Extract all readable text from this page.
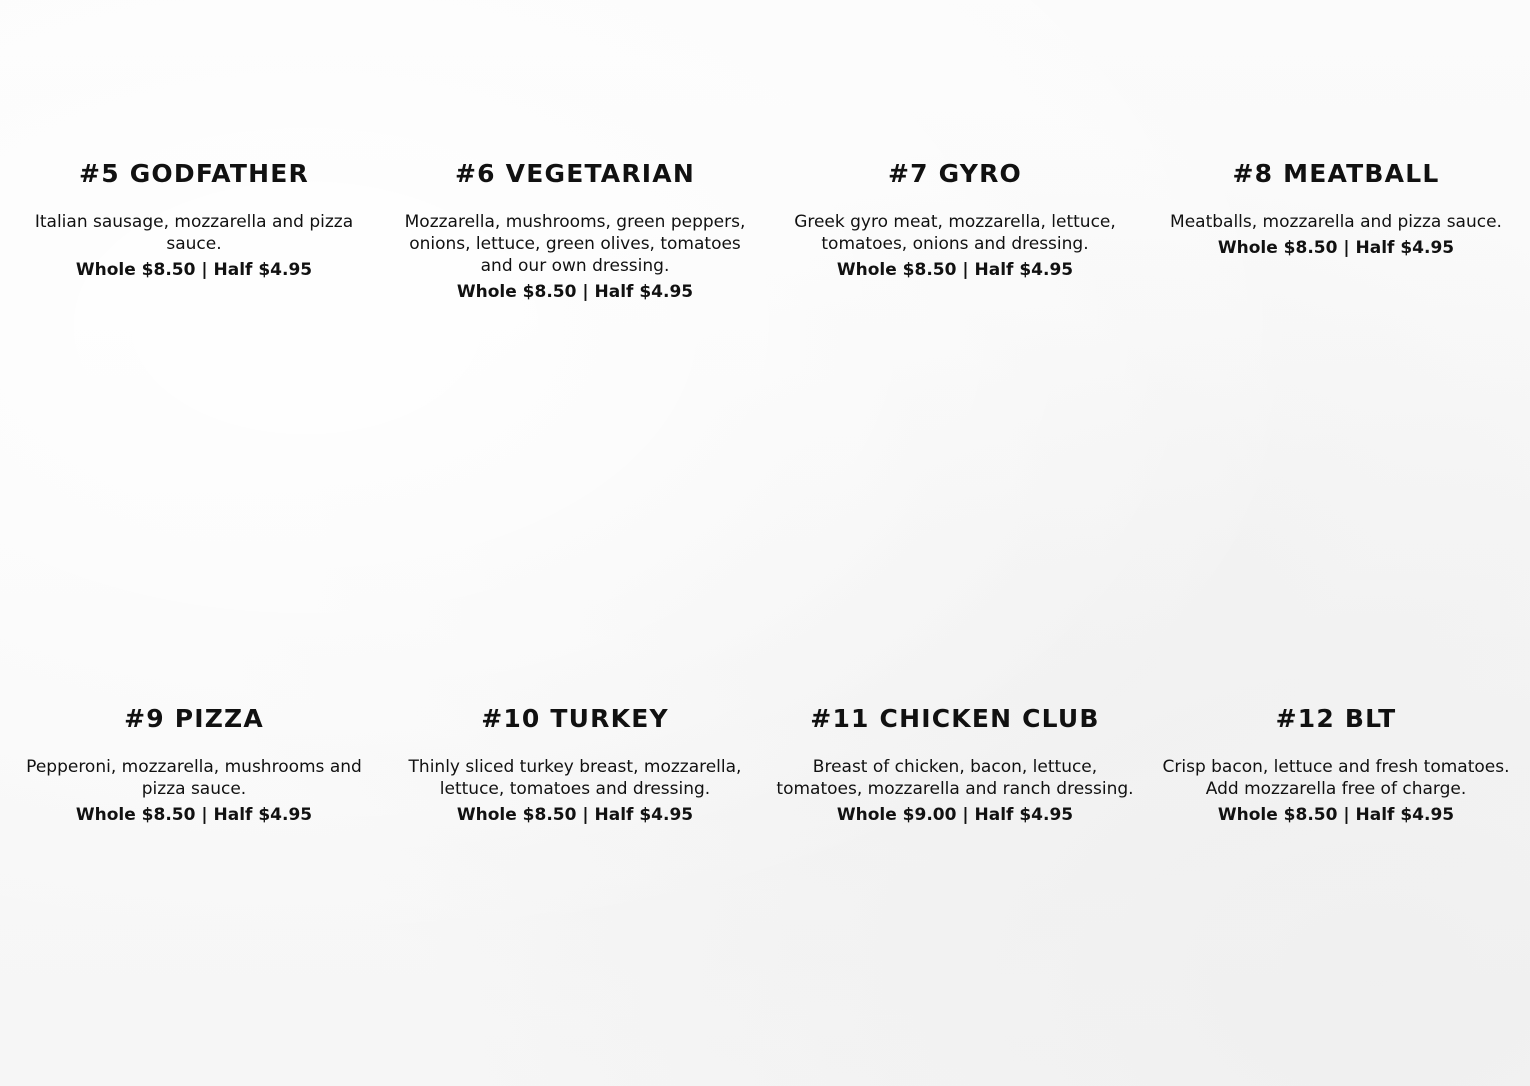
#5 GODFATHER
Italian sausage, mozzarella and pizza sauce.
Whole $8.50 | Half $4.95
#6 VEGETARIAN
Mozzarella, mushrooms, green peppers, onions, lettuce, green olives, tomatoes and our own dressing.
Whole $8.50 | Half $4.95
#7 GYRO
Greek gyro meat, mozzarella, lettuce, tomatoes, onions and dressing.
Whole $8.50 | Half $4.95
#8 MEATBALL
Meatballs, mozzarella and pizza sauce.
Whole $8.50 | Half $4.95
#9 PIZZA
Pepperoni, mozzarella, mushrooms and pizza sauce.
Whole $8.50 | Half $4.95
#10 TURKEY
Thinly sliced turkey breast, mozzarella, lettuce, tomatoes and dressing.
Whole $8.50 | Half $4.95
#11 CHICKEN CLUB
Breast of chicken, bacon, lettuce, tomatoes, mozzarella and ranch dressing.
Whole $9.00 | Half $4.95
#12 BLT
Crisp bacon, lettuce and fresh tomatoes.
Add mozzarella free of charge.
Whole $8.50 | Half $4.95
